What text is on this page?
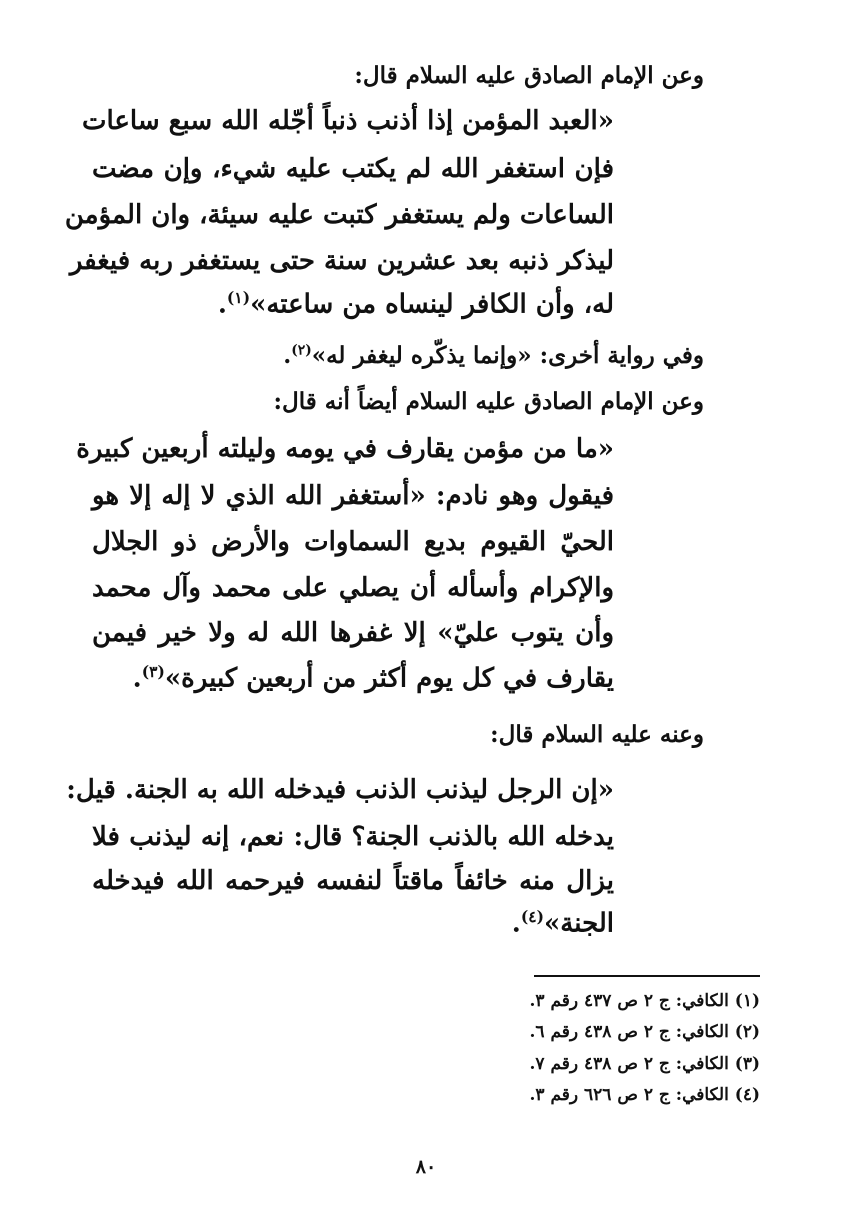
وعن الإمام الصادق عليه السلام قال:
«العبد المؤمن إذا أذنب ذنباً أجّله الله سبع ساعات
فإن استغفر الله لم يكتب عليه شيء، وإن مضت
الساعات ولم يستغفر كتبت عليه سيئة، وان المؤمن
ليذكر ذنبه بعد عشرين سنة حتى يستغفر ربه فيغفر
له، وأن الكافر لينساه من ساعته»$^{(١)}$.
وفي رواية أخرى: «وإنما يذكّره ليغفر له»$^{(٢)}$.
وعن الإمام الصادق عليه السلام أيضاً أنه قال:
«ما من مؤمن يقارف في يومه وليلته أربعين كبيرة
فيقول وهو نادم: «أستغفر الله الذي لا إله إلا هو
الحيّ القيوم بديع السماوات والأرض ذو الجلال
والإكرام وأسأله أن يصلي على محمد وآل محمد
وأن يتوب عليّ» إلا غفرها الله له ولا خير فيمن
يقارف في كل يوم أكثر من أربعين كبيرة»$^{(٣)}$.
وعنه عليه السلام قال:
«إن الرجل ليذنب الذنب فيدخله الله به الجنة. قيل:
يدخله الله بالذنب الجنة؟ قال: نعم، إنه ليذنب فلا
يزال منه خائفاً ماقتاً لنفسه فيرحمه الله فيدخله
الجنة»$^{(٤)}$.
(١) الكافي: ج ٢ ص ٤٣٧ رقم ٣.
(٢) الكافي: ج ٢ ص ٤٣٨ رقم ٦.
(٣) الكافي: ج ٢ ص ٤٣٨ رقم ٧.
(٤) الكافي: ج ٢ ص ٦٢٦ رقم ٣.
٨٠
